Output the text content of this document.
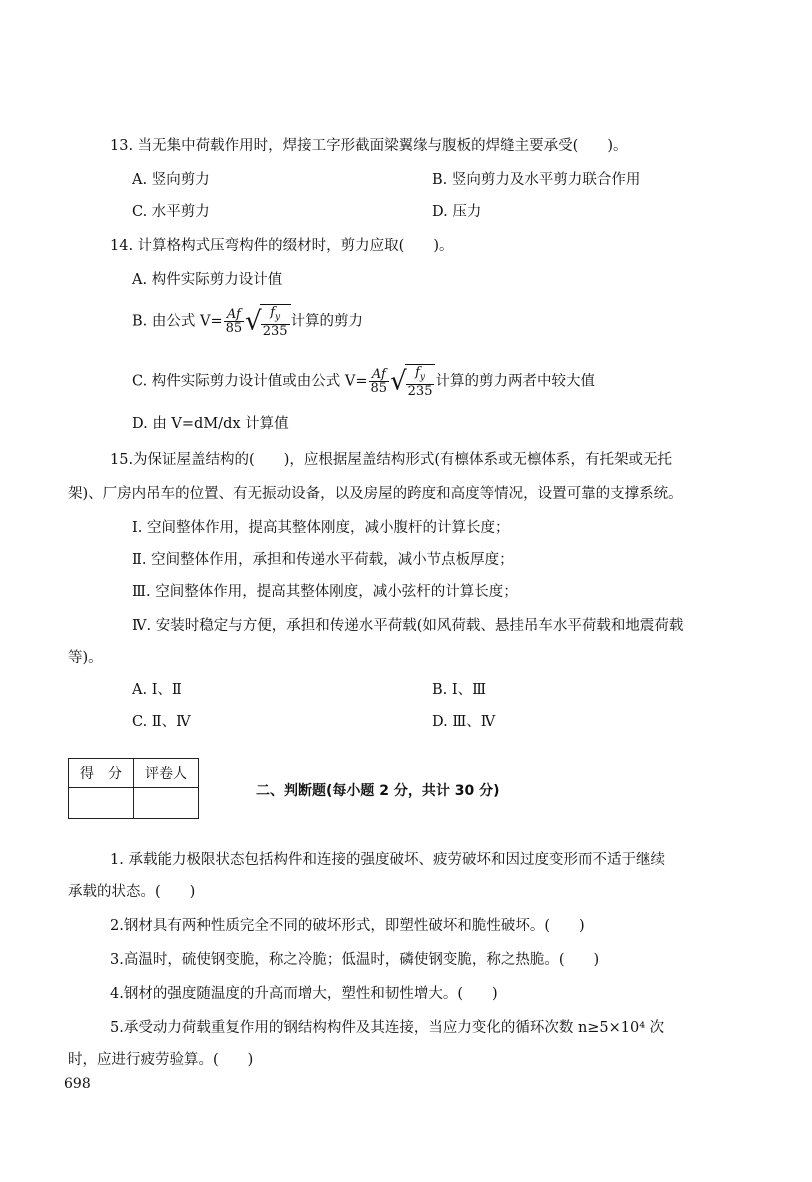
13. 当无集中荷载作用时，焊接工字形截面梁翼缘与腹板的焊缝主要承受(　　)。
A. 竖向剪力	B. 竖向剪力及水平剪力联合作用
C. 水平剪力	D. 压力
14. 计算格构式压弯构件的缀材时，剪力应取(　　)。
A. 构件实际剪力设计值
B. 由公式 $V= \frac{Af}{85}$ √ $\frac{f_y}{235}$ 计算的剪力
C. 构件实际剪力设计值或由公式 $V= \frac{Af}{85}$ √ $\frac{f_y}{235}$ 计算的剪力两者中较大值
D. 由 V=dM/dx 计算值
15.为保证屋盖结构的(　　)，应根据屋盖结构形式(有檩体系或无檩体系，有托架或无托
架)、厂房内吊车的位置、有无振动设备，以及房屋的跨度和高度等情况，设置可靠的支撑系统。
Ⅰ. 空间整体作用，提高其整体刚度，减小腹杆的计算长度；
Ⅱ. 空间整体作用，承担和传递水平荷载，减小节点板厚度；
Ⅲ. 空间整体作用，提高其整体刚度，减小弦杆的计算长度；
Ⅳ. 安装时稳定与方便，承担和传递水平荷载(如风荷载、悬挂吊车水平荷载和地震荷载
等)。
A. Ⅰ、Ⅱ	B. Ⅰ、Ⅲ
C. Ⅱ、Ⅳ	D. Ⅲ、Ⅳ
得　分	评卷人

二、判断题(每小题 2 分，共计 30 分)
1. 承载能力极限状态包括构件和连接的强度破坏、疲劳破坏和因过度变形而不适于继续
承载的状态。(　　)
2.钢材具有两种性质完全不同的破坏形式，即塑性破坏和脆性破坏。(　　)
3.高温时，硫使钢变脆，称之冷脆；低温时，磷使钢变脆，称之热脆。(　　)
4.钢材的强度随温度的升高而增大，塑性和韧性增大。(　　)
5.承受动力荷载重复作用的钢结构构件及其连接，当应力变化的循环次数 n≥5×10⁴ 次
时，应进行疲劳验算。(　　)
698
